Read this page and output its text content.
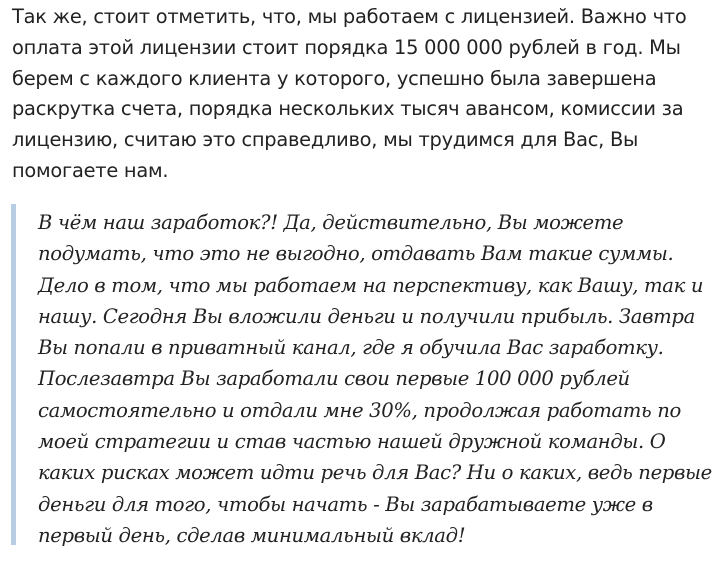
Так же, стоит отметить, что, мы работаем с лицензией. Важно что
оплата этой лицензии стоит порядка 15 000 000 рублей в год. Мы
берем с каждого клиента у которого, успешно была завершена
раскрутка счета, порядка нескольких тысяч авансом, комиссии за
лицензию, считаю это справедливо, мы трудимся для Вас, Вы
помогаете нам.
В чём наш заработок?! Да, действительно, Вы можете
подумать, что это не выгодно, отдавать Вам такие суммы.
Дело в том, что мы работаем на перспективу, как Вашу, так и
нашу. Сегодня Вы вложили деньги и получили прибыль. Завтра
Вы попали в приватный канал, где я обучила Вас заработку.
Послезавтра Вы заработали свои первые 100 000 рублей
самостоятельно и отдали мне 30%, продолжая работать по
моей стратегии и став частью нашей дружной команды. О
каких рисках может идти речь для Вас? Ни о каких, ведь первые
деньги для того, чтобы начать - Вы зарабатываете уже в
первый день, сделав минимальный вклад!
